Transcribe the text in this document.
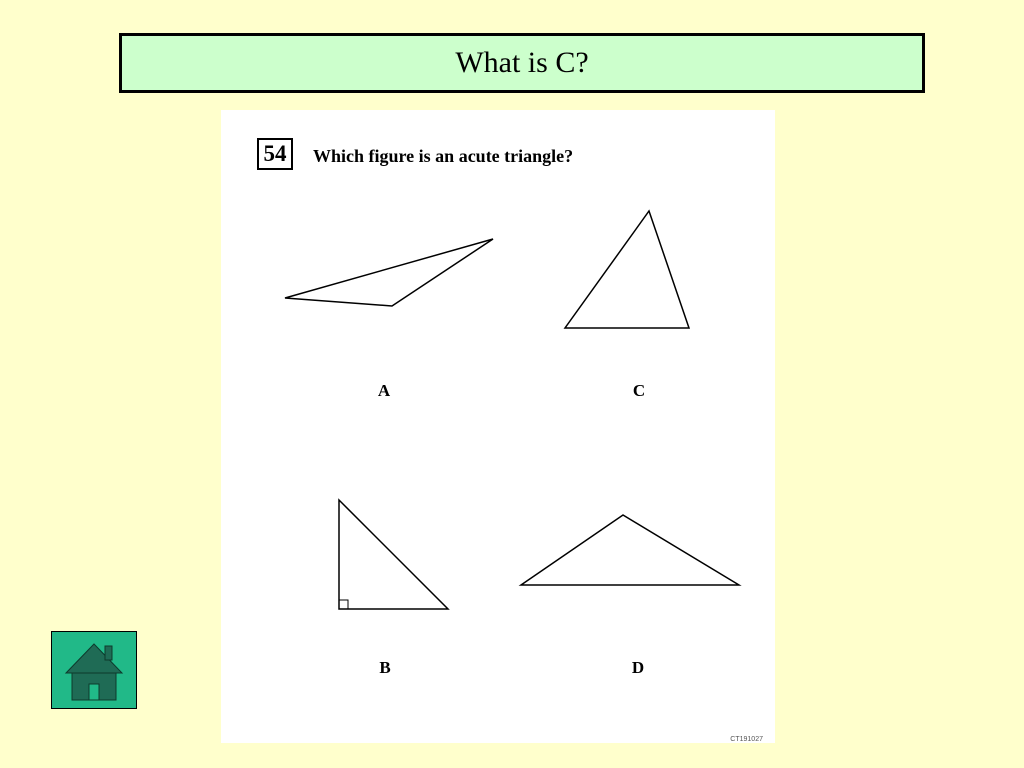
What is C?
54 Which figure is an acute triangle?
A	C
B	D
CT191027
